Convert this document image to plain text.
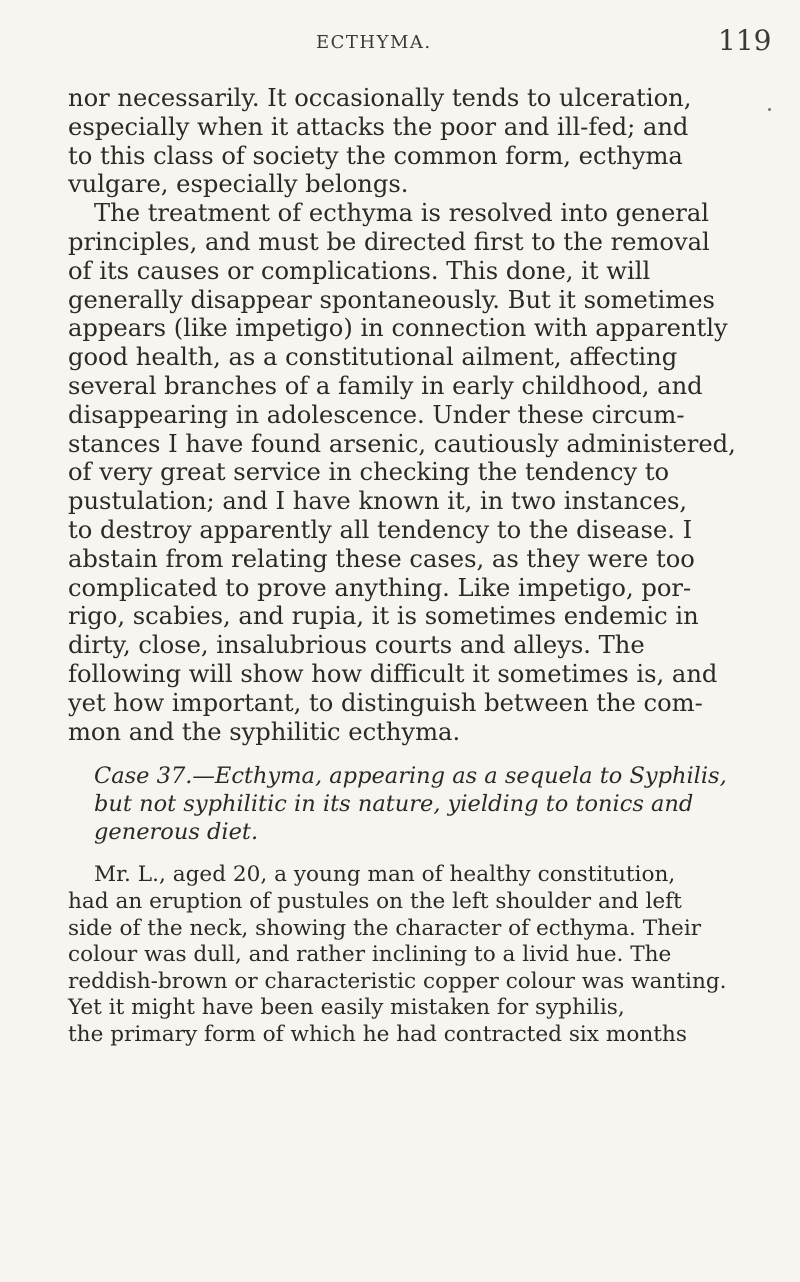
ECTHYMA.	119
nor necessarily. It occasionally tends to ulceration,
especially when it attacks the poor and ill-fed; and
to this class of society the common form, ecthyma
vulgare, especially belongs.
The treatment of ecthyma is resolved into general
principles, and must be directed first to the removal
of its causes or complications. This done, it will
generally disappear spontaneously. But it sometimes
appears (like impetigo) in connection with apparently
good health, as a constitutional ailment, affecting
several branches of a family in early childhood, and
disappearing in adolescence. Under these circum-
stances I have found arsenic, cautiously administered,
of very great service in checking the tendency to
pustulation; and I have known it, in two instances,
to destroy apparently all tendency to the disease. I
abstain from relating these cases, as they were too
complicated to prove anything. Like impetigo, por-
rigo, scabies, and rupia, it is sometimes endemic in
dirty, close, insalubrious courts and alleys. The
following will show how difficult it sometimes is, and
yet how important, to distinguish between the com-
mon and the syphilitic ecthyma.
Case 37.—Ecthyma, appearing as a sequela to Syphilis,
but not syphilitic in its nature, yielding to tonics and
generous diet.
Mr. L., aged 20, a young man of healthy constitution,
had an eruption of pustules on the left shoulder and left
side of the neck, showing the character of ecthyma. Their
colour was dull, and rather inclining to a livid hue. The
reddish-brown or characteristic copper colour was wanting.
Yet it might have been easily mistaken for syphilis,
the primary form of which he had contracted six months
